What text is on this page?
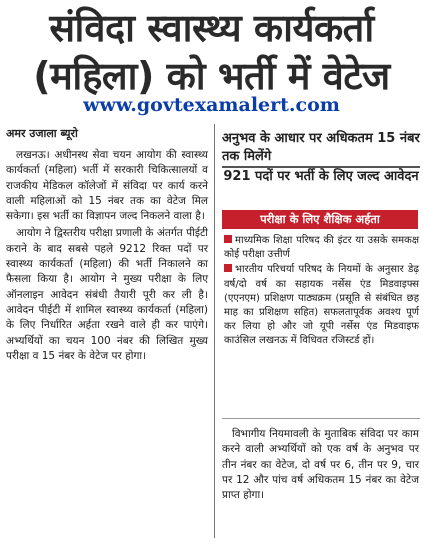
संविदा स्वास्थ्य कार्यकर्ता
(महिला) को भर्ती में वेटेज
www.govtexamalert.com
अमर उजाला ब्यूरो

लखनऊ। अधीनस्थ सेवा चयन आयोग की स्वास्थ्य कार्यकर्ता (महिला) भर्ती में सरकारी चिकित्सालयों व राजकीय मेडिकल कॉलेजों में संविदा पर कार्य करने वाली महिलाओं को 15 नंबर तक का वेटेज मिल सकेगा। इस भर्ती का विज्ञापन जल्द निकलने वाला है।

आयोग ने द्विस्तरीय परीक्षा प्रणाली के अंतर्गत पीईटी कराने के बाद सबसे पहले 9212 रिक्त पदों पर स्वास्थ्य कार्यकर्ता (महिला) की भर्ती निकालने का फैसला किया है। आयोग ने मुख्य परीक्षा के लिए ऑनलाइन आवेदन संबंधी तैयारी पूरी कर ली है। आवेदन पीईटी में शामिल स्वास्थ्य कार्यकर्ता (महिला) के लिए निर्धारित अर्हता रखने वाले ही कर पाएंगे। अभ्यर्थियों का चयन 100 नंबर की लिखित मुख्य परीक्षा व 15 नंबर के वेटेज पर होगा।

अनुभव के आधार पर अधिकतम 15 नंबर तक मिलेंगे
921 पदों पर भर्ती के लिए जल्द आवेदन
परीक्षा के लिए शैक्षिक अर्हता
माध्यमिक शिक्षा परिषद की इंटर या उसके समकक्ष कोई परीक्षा उत्तीर्ण
भारतीय परिचर्या परिषद के नियमों के अनुसार डेढ़ वर्ष/दो वर्ष का सहायक नर्सेस एंड मिडवाइफ्स (एएनएम) प्रशिक्षण पाठ्यक्रम (प्रसूति से संबंधित छह माह का प्रशिक्षण सहित) सफलतापूर्वक अवश्य पूर्ण कर लिया हो और जो यूपी नर्सेस एंड मिडवाइफ काउंसिल लखनऊ में विधिवत रजिस्टर्ड हों।
विभागीय नियमावली के मुताबिक संविदा पर काम करने वाली अभ्यर्थियों को एक वर्ष के अनुभव पर तीन नंबर का वेटेज, दो वर्ष पर 6, तीन पर 9, चार पर 12 और पांच वर्ष अधिकतम 15 नंबर का वेटेज प्राप्त होगा।
